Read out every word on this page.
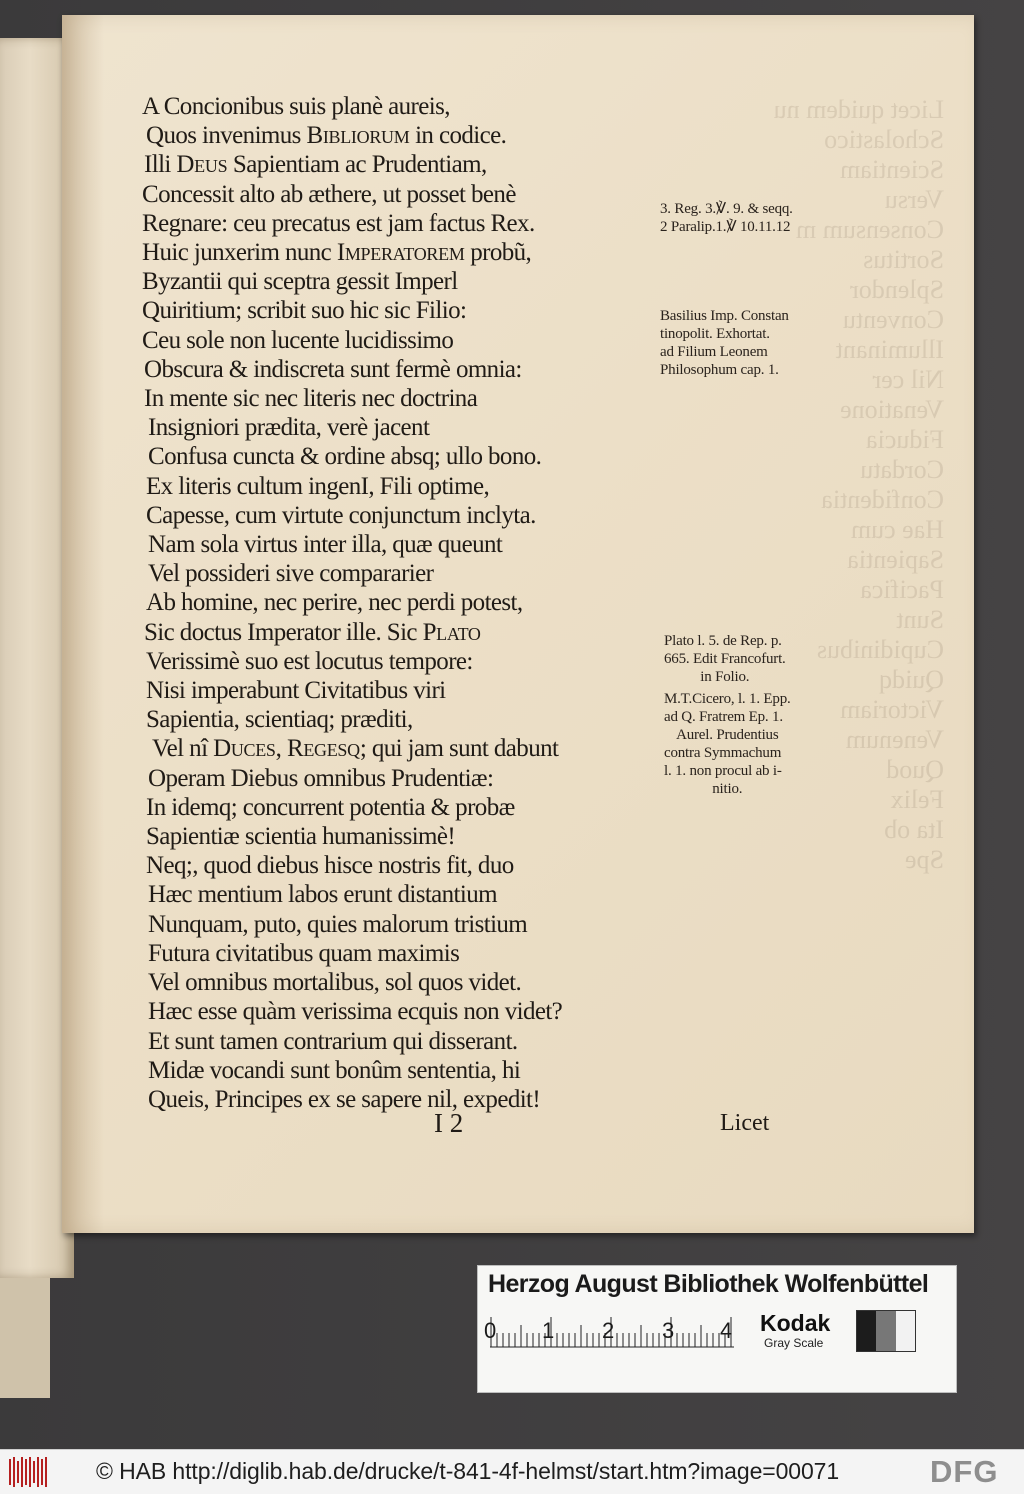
Licet quidem nu
Scholastico
Scientiam
Versu
Consensum m
Sortitus
Splendor
Conventu
Illuminant
Nil cer
Venatione
Fiducia
Cordatu
Confidentia
Hae cum
Sapientia
Pacifica
Sunt
Cupidinibus
Quidq
Victoriam
Venenum
Quod
Felix
Ita ob
Spe
A Concionibus suis planè aureis,
Quos invenimus Bibliorum in codice.
Illi Deus Sapientiam ac Prudentiam,
Concessit alto ab æthere, ut posset benè
Regnare: ceu precatus est jam factus Rex.
Huic junxerim nunc Imperatorem probũ,
Byzantii qui sceptra gessit Imperl
Quiritium; scribit suo hic sic Filio:
Ceu sole non lucente lucidissimo
Obscura & indiscreta sunt fermè omnia:
In mente sic nec literis nec doctrina
Insigniori prædita, verè jacent
Confusa cuncta & ordine absq; ullo bono.
Ex literis cultum ingenI, Fili optime,
Capesse, cum virtute conjunctum inclyta.
Nam sola virtus inter illa, quæ queunt
Vel possideri sive compararier
Ab homine, nec perire, nec perdi potest,
Sic doctus Imperator ille. Sic Plato
Verissimè suo est locutus tempore:
Nisi imperabunt Civitatibus viri
Sapientia, scientiaq; præditi,
Vel nî Duces, Regesq; qui jam sunt dabunt
Operam Diebus omnibus Prudentiæ:
In idemq; concurrent potentia & probæ
Sapientiæ scientia humanissimè!
Neq;, quod diebus hisce nostris fit, duo
Hæc mentium labos erunt distantium
Nunquam, puto, quies malorum tristium
Futura civitatibus quam maximis
Vel omnibus mortalibus, sol quos videt.
Hæc esse quàm verissima ecquis non videt?
Et sunt tamen contrarium qui disserant.
Midæ vocandi sunt bonûm sententia, hi
Queis, Principes ex se sapere nil, expedit!
3. Reg. 3.℣. 9. & seqq.
2 Paralip.1.℣ 10.11.12
Basilius Imp. Constan
tinopolit. Exhortat.
ad Filium Leonem
Philosophum cap. 1.
Plato l. 5. de Rep. p.
665. Edit Francofurt.
in Folio.
M.T.Cicero, l. 1. Epp.
ad Q. Fratrem Ep. 1.
Aurel. Prudentius
contra Symmachum
l. 1. non procul ab i-
nitio.
I 2	Licet
Herzog August Bibliothek Wolfenbüttel
0 1 2 3 4 Kodak
Gray Scale
© HAB http://diglib.hab.de/drucke/t-841-4f-helmst/start.htm?image=00071	DFG
